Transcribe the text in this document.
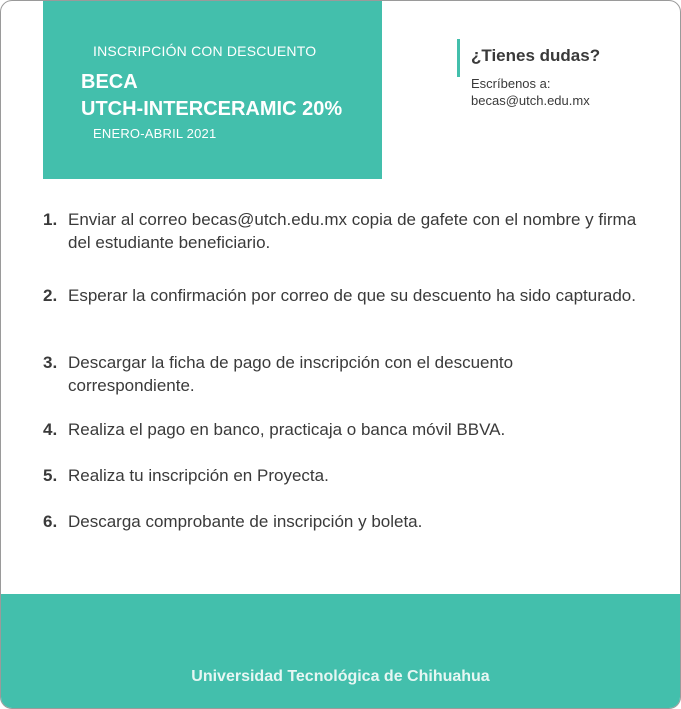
INSCRIPCIÓN CON DESCUENTO
BECA
UTCH-INTERCERAMIC 20%
ENERO-ABRIL 2021
¿Tienes dudas?
Escríbenos a:
becas@utch.edu.mx
1. Enviar al correo becas@utch.edu.mx copia de gafete con el nombre y firma del estudiante beneficiario.
2. Esperar la confirmación por correo de que su descuento ha sido capturado.
3. Descargar la ficha de pago de inscripción con el descuento correspondiente.
4. Realiza el pago en banco, practicaja o banca móvil BBVA.
5. Realiza tu inscripción en Proyecta.
6. Descarga comprobante de inscripción y boleta.
Universidad Tecnológica de Chihuahua
